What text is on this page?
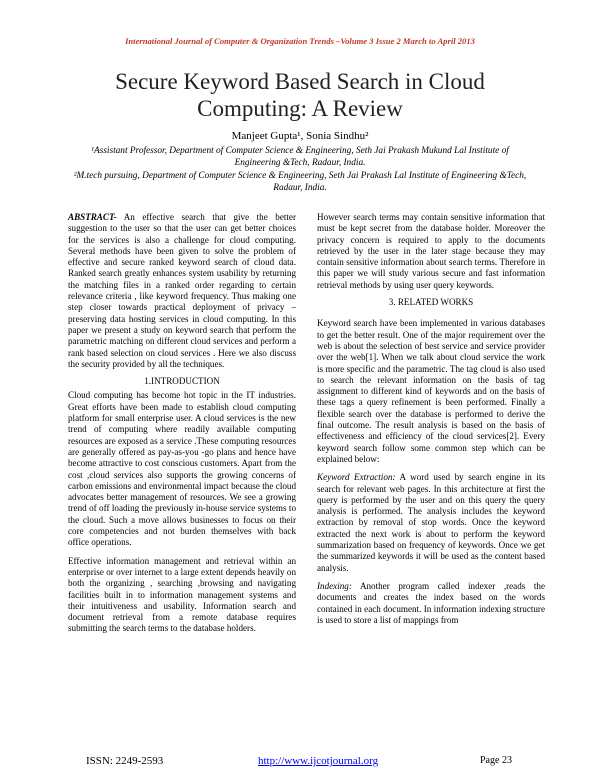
International Journal of Computer & Organization Trends –Volume 3 Issue 2 March to April 2013
Secure Keyword Based Search in Cloud Computing: A Review
Manjeet Gupta¹, Sonia Sindhu²
¹Assistant Professor, Department of Computer Science & Engineering, Seth Jai Prakash Mukund Lal Institute of Engineering &Tech, Radaur, India.
²M.tech pursuing, Department of Computer Science & Engineering, Seth Jai Prakash Lal Institute of Engineering &Tech, Radaur, India.

ABSTRACT- An effective search that give the better suggestion to the user so that the user can get better choices for the services is also a challenge for cloud computing. Several methods have been given to solve the problem of effective and secure ranked keyword search of cloud data. Ranked search greatly enhances system usability by returning the matching files in a ranked order regarding to certain relevance criteria , like keyword frequency. Thus making one step closer towards practical deployment of privacy – preserving data hosting services in cloud computing. In this paper we present a study on keyword search that perform the parametric matching on different cloud services and perform a rank based selection on cloud services . Here we also discuss the security provided by all the techniques.

1.INTRODUCTION

Cloud computing has become hot topic in the IT industries. Great efforts have been made to establish cloud computing platform for small enterprise user. A cloud services is the new trend of computing where readily available computing resources are exposed as a service .These computing resources are generally offered as pay-as-you -go plans and hence have become attractive to cost conscious customers. Apart from the cost ,cloud services also supports the growing concerns of carbon emissions and environmental impact because the cloud advocates better management of resources. We see a growing trend of off loading the previously in-house service systems to the cloud. Such a move allows businesses to focus on their core competencies and not burden themselves with back office operations.

Effective information management and retrieval within an enterprise or over internet to a large extent depends heavily on both the organizing , searching ,browsing and navigating facilities built in to information management systems and their intuitiveness and usability. Information search and document retrieval from a remote database requires submitting the search terms to the database holders.

However search terms may contain sensitive information that must be kept secret from the database holder. Moreover the privacy concern is required to apply to the documents retrieved by the user in the later stage because they may contain sensitive information about search terms. Therefore in this paper we will study various secure and fast information retrieval methods by using user query keywords.

3. RELATED WORKS

Keyword search have been implemented in various databases to get the better result. One of the major requirement over the web is about the selection of best service and service provider over the web[1]. When we talk about cloud service the work is more specific and the parametric. The tag cloud is also used to search the relevant information on the basis of tag assignment to different kind of keywords and on the basis of these tags a query refinement is been performed. Finally a flexible search over the database is performed to derive the final outcome. The result analysis is based on the basis of effectiveness and efficiency of the cloud services[2]. Every keyword search follow some common step which can be explained below:

Keyword Extraction: A word used by search engine in its search for relevant web pages. In this architecture at first the query is performed by the user and on this query the query analysis is performed. The analysis includes the keyword extraction by removal of stop words. Once the keyword extracted the next work is about to perform the keyword summarization based on frequency of keywords. Once we get the summarized keywords it will be used as the content based analysis.

Indexing: Another program called indexer ,reads the documents and creates the index based on the words contained in each document. In information indexing structure is used to store a list of mappings from

ISSN: 2249-2593	http://www.ijcotjournal.org	Page 23
